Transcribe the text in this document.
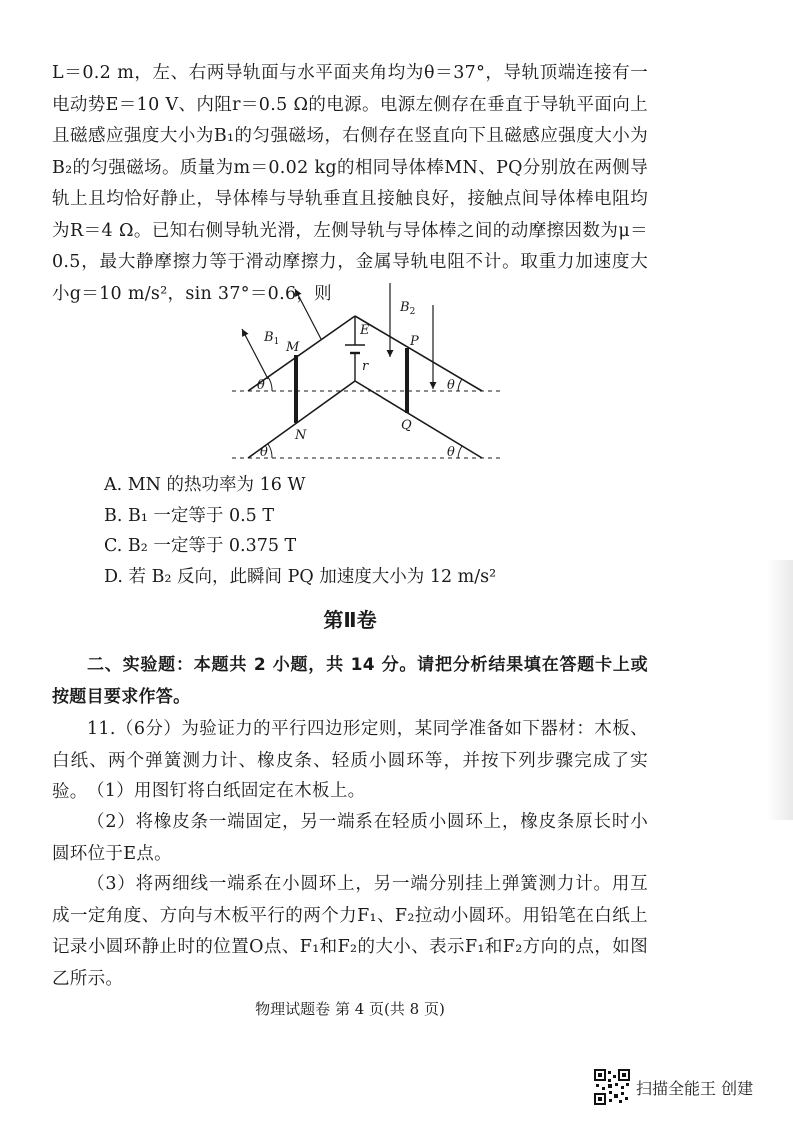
L＝0.2 m，左、右两导轨面与水平面夹角均为θ＝37°，导轨顶端连接有一电动势E＝10 V、内阻r＝0.5 Ω的电源。电源左侧存在垂直于导轨平面向上且磁感应强度大小为B₁的匀强磁场，右侧存在竖直向下且磁感应强度大小为B₂的匀强磁场。质量为m＝0.02 kg的相同导体棒MN、PQ分别放在两侧导轨上且均恰好静止，导体棒与导轨垂直且接触良好，接触点间导体棒电阻均为R＝4 Ω。已知右侧导轨光滑，左侧导轨与导体棒之间的动摩擦因数为μ＝0.5，最大静摩擦力等于滑动摩擦力，金属导轨电阻不计。取重力加速度大小g＝10 m/s²，sin 37°＝0.6，则
$B_1$
$B_2$
E
r
M
N
P
Q
θ	θ
θ	θ
A. MN 的热功率为 16 W
B. B₁ 一定等于 0.5 T
C. B₂ 一定等于 0.375 T
D. 若 B₂ 反向，此瞬间 PQ 加速度大小为 12 m/s²
第Ⅱ卷
二、实验题：本题共 2 小题，共 14 分。请把分析结果填在答题卡上或按题目要求作答。
11.（6分）为验证力的平行四边形定则，某同学准备如下器材：木板、白纸、两个弹簧测力计、橡皮条、轻质小圆环等，并按下列步骤完成了实验。 （1）用图钉将白纸固定在木板上。
（2）将橡皮条一端固定，另一端系在轻质小圆环上，橡皮条原长时小圆环位于E点。
（3）将两细线一端系在小圆环上，另一端分别挂上弹簧测力计。用互成一定角度、方向与木板平行的两个力F₁、F₂拉动小圆环。用铅笔在白纸上记录小圆环静止时的位置O点、F₁和F₂的大小、表示F₁和F₂方向的点，如图乙所示。
物理试题卷 第 4 页(共 8 页)
扫描全能王 创建
